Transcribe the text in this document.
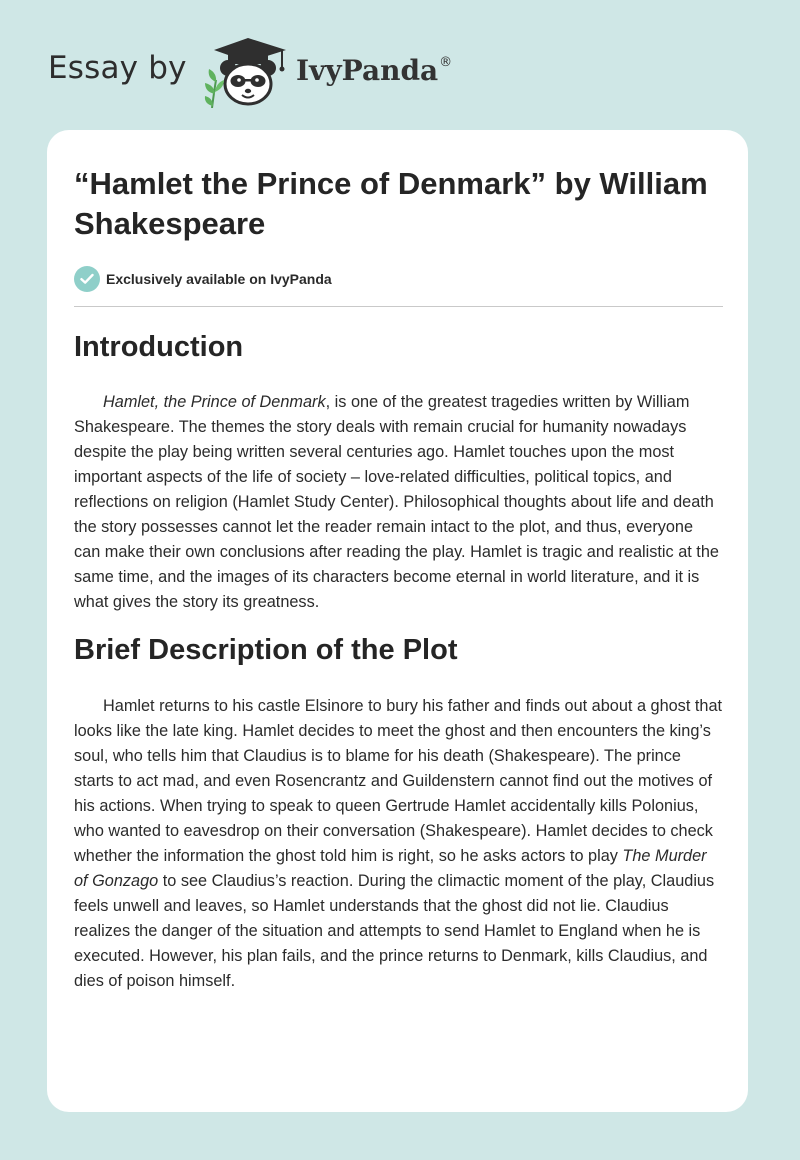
Essay by	IvyPanda®
“Hamlet the Prince of Denmark” by William Shakespeare
Exclusively available on IvyPanda
Introduction

Hamlet, the Prince of Denmark, is one of the greatest tragedies written by William Shakespeare. The themes the story deals with remain crucial for humanity nowadays despite the play being written several centuries ago. Hamlet touches upon the most important aspects of the life of society – love-related difficulties, political topics, and reflections on religion (Hamlet Study Center). Philosophical thoughts about life and death the story possesses cannot let the reader remain intact to the plot, and thus, everyone can make their own conclusions after reading the play. Hamlet is tragic and realistic at the same time, and the images of its characters become eternal in world literature, and it is what gives the story its greatness.

Brief Description of the Plot

Hamlet returns to his castle Elsinore to bury his father and finds out about a ghost that looks like the late king. Hamlet decides to meet the ghost and then encounters the king’s soul, who tells him that Claudius is to blame for his death (Shakespeare). The prince starts to act mad, and even Rosencrantz and Guildenstern cannot find out the motives of his actions. When trying to speak to queen Gertrude Hamlet accidentally kills Polonius, who wanted to eavesdrop on their conversation (Shakespeare). Hamlet decides to check whether the information the ghost told him is right, so he asks actors to play The Murder of Gonzago to see Claudius’s reaction. During the climactic moment of the play, Claudius feels unwell and leaves, so Hamlet understands that the ghost did not lie. Claudius realizes the danger of the situation and attempts to send Hamlet to England when he is executed. However, his plan fails, and the prince returns to Denmark, kills Claudius, and dies of poison himself.
